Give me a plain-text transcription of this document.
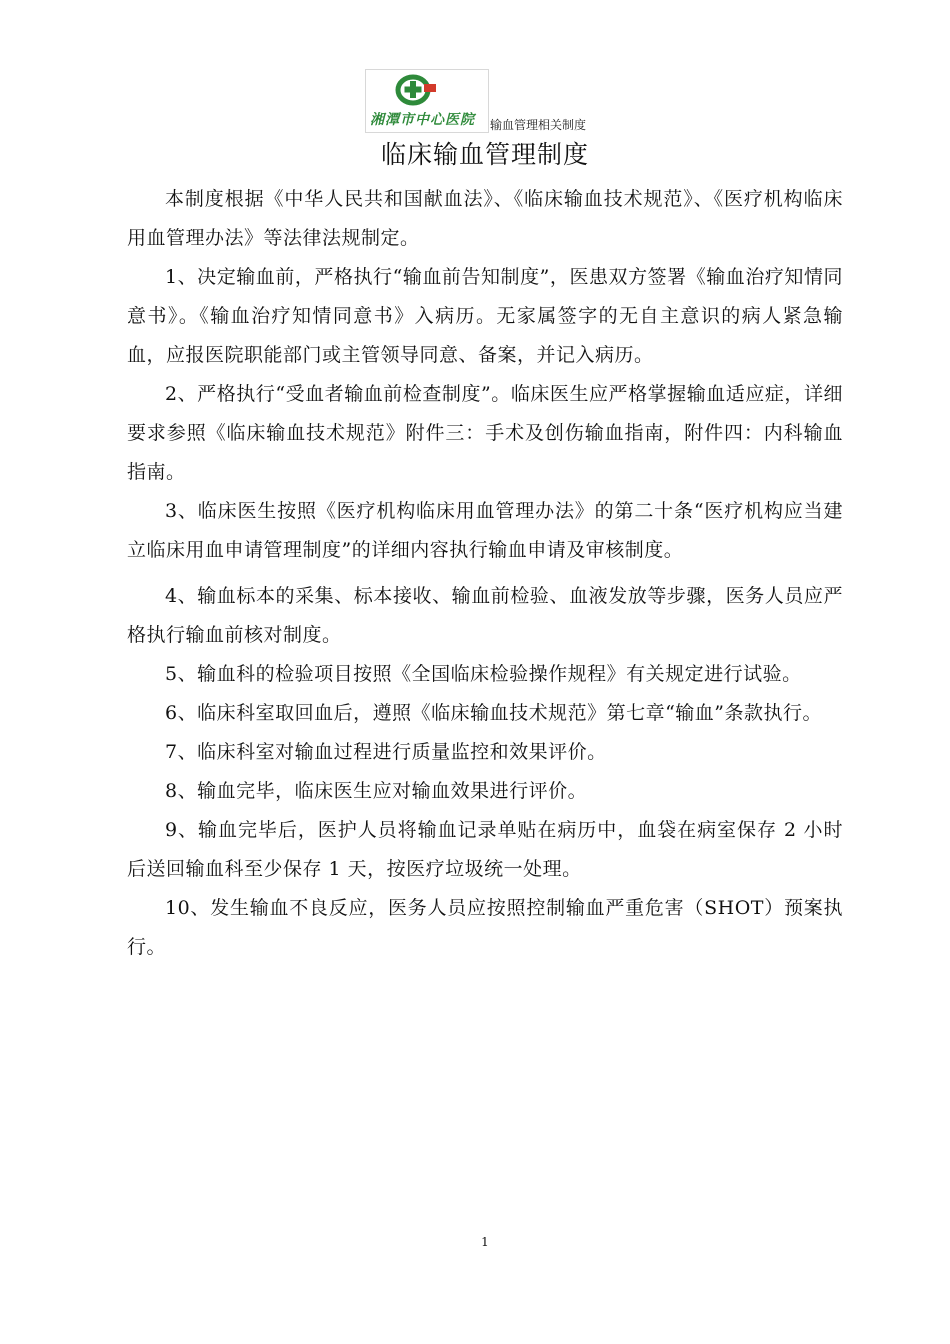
湘潭市中心医院 输血管理相关制度
临床输血管理制度

本制度根据《中华人民共和国献血法》、《临床输血技术规范》、《医疗机构临床用血管理办法》等法律法规制定。

1、决定输血前，严格执行“输血前告知制度”，医患双方签署《输血治疗知情同意书》。《输血治疗知情同意书》入病历。无家属签字的无自主意识的病人紧急输血，应报医院职能部门或主管领导同意、备案，并记入病历。

2、严格执行“受血者输血前检查制度”。临床医生应严格掌握输血适应症，详细要求参照《临床输血技术规范》附件三：手术及创伤输血指南，附件四：内科输血指南。

3、临床医生按照《医疗机构临床用血管理办法》的第二十条“医疗机构应当建立临床用血申请管理制度”的详细内容执行输血申请及审核制度。

4、输血标本的采集、标本接收、输血前检验、血液发放等步骤，医务人员应严格执行输血前核对制度。

5、输血科的检验项目按照《全国临床检验操作规程》有关规定进行试验。

6、临床科室取回血后，遵照《临床输血技术规范》第七章“输血”条款执行。

7、临床科室对输血过程进行质量监控和效果评价。

8、输血完毕，临床医生应对输血效果进行评价。

9、输血完毕后，医护人员将输血记录单贴在病历中，血袋在病室保存 2 小时后送回输血科至少保存 1 天，按医疗垃圾统一处理。

10、发生输血不良反应，医务人员应按照控制输血严重危害（SHOT）预案执行。

1
